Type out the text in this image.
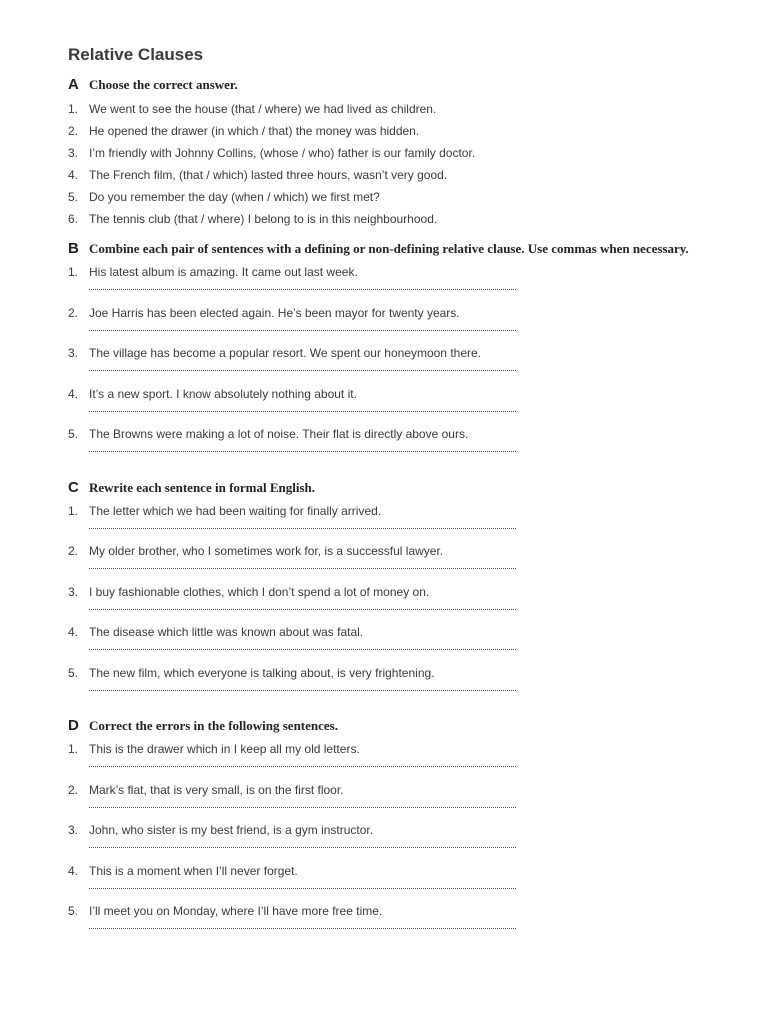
Relative Clauses
A Choose the correct answer.
1. We went to see the house (that / where) we had lived as children.
2. He opened the drawer (in which / that) the money was hidden.
3. I’m friendly with Johnny Collins, (whose / who) father is our family doctor.
4. The French film, (that / which) lasted three hours, wasn’t very good.
5. Do you remember the day (when / which) we first met?
6. The tennis club (that / where) I belong to is in this neighbourhood.
B Combine each pair of sentences with a defining or non-defining relative clause. Use commas when necessary.
1. His latest album is amazing. It came out last week.
2. Joe Harris has been elected again. He’s been mayor for twenty years.
3. The village has become a popular resort. We spent our honeymoon there.
4. It’s a new sport. I know absolutely nothing about it.
5. The Browns were making a lot of noise. Their flat is directly above ours.
C Rewrite each sentence in formal English.
1. The letter which we had been waiting for finally arrived.
2. My older brother, who I sometimes work for, is a successful lawyer.
3. I buy fashionable clothes, which I don’t spend a lot of money on.
4. The disease which little was known about was fatal.
5. The new film, which everyone is talking about, is very frightening.
D Correct the errors in the following sentences.
1. This is the drawer which in I keep all my old letters.
2. Mark’s flat, that is very small, is on the first floor.
3. John, who sister is my best friend, is a gym instructor.
4. This is a moment when I’ll never forget.
5. I’ll meet you on Monday, where I’ll have more free time.
